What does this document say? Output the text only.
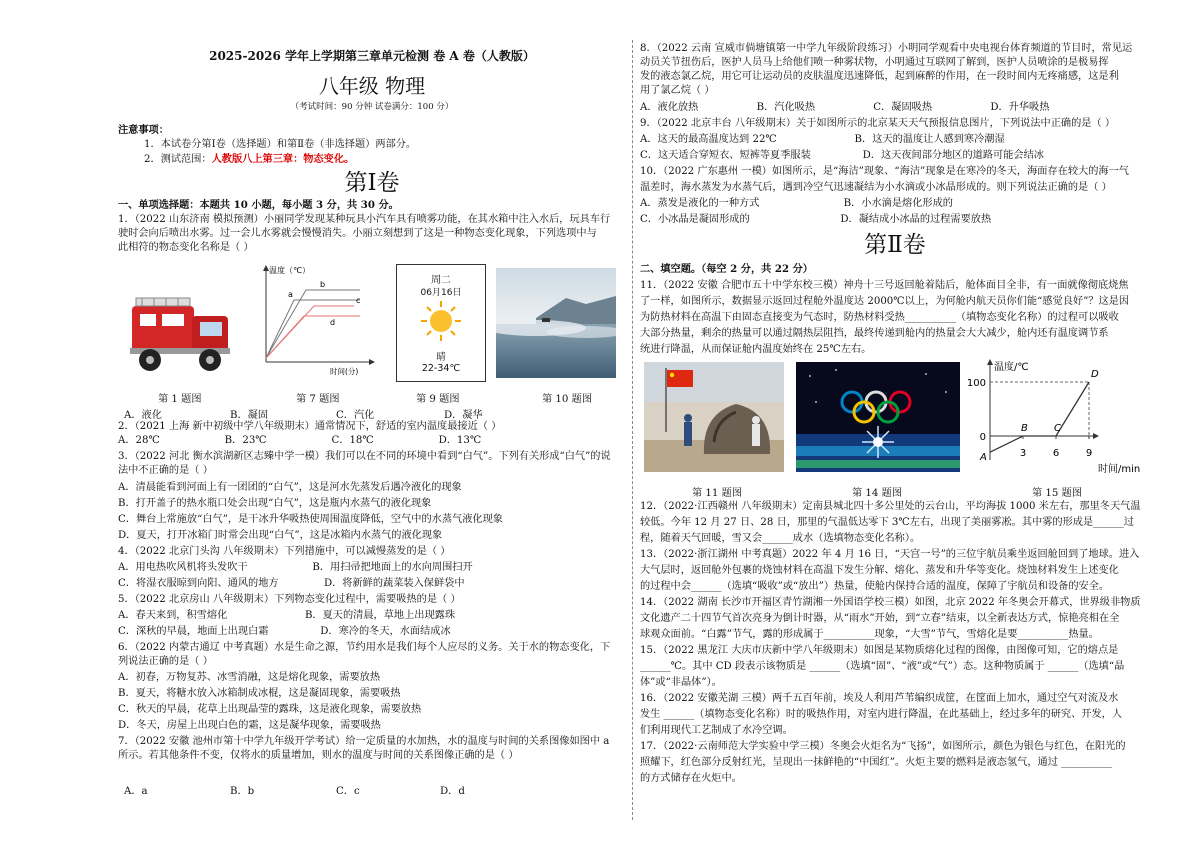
2025-2026 学年上学期第三章单元检测 卷 A 卷（人教版）
八年级 物理
（考试时间：90 分钟 试卷满分：100 分）
注意事项：
1．本试卷分第Ⅰ卷（选择题）和第Ⅱ卷（非选择题）两部分。
2．测试范围：人教版八上第三章：物态变化。
第Ⅰ卷
一、单项选择题：本题共 10 小题，每小题 3 分，共 30 分。
1．（2022 山东济南 模拟预测）小丽同学发现某种玩具小汽车具有喷雾功能，在其水箱中注入水后，玩具车行
驶时会向后喷出水雾。过一会儿水雾就会慢慢消失。小丽立刻想到了这是一种物态变化现象，下列选项中与
此相符的物态变化名称是（ ）
温度（℃）
时间(分)
a
b
c
d
周二
06月16日
晴
22-34℃
第 1 题图	第 7 题图	第 9 题图	第 10 题图
A．液化	B．凝固	C．汽化	D．凝华
2．（2021 上海 新中初级中学八年级期末）通常情况下，舒适的室内温度最接近（ ）
A．28℃                    B．23℃                    C．18℃                    D．13℃
3．（2022 河北 衡水滨湖新区志臻中学一模）我们可以在不同的环境中看到“白气”。下列有关形成“白气”的说
法中不正确的是（ ）
A．清晨能看到河面上有一团团的“白气”，这是河水先蒸发后遇冷液化的现象
B．打开盖子的热水瓶口处会出现“白气”，这是瓶内水蒸气的液化现象
C．舞台上常施放“白气”，是干冰升华吸热使周围温度降低，空气中的水蒸气液化现象
D．夏天，打开冰箱门时常会出现“白气”，这是冰箱内水蒸气的液化现象
4．（2022 北京门头沟 八年级期末）下列措施中，可以减慢蒸发的是（ ）
A．用电热吹风机将头发吹干                    B．用扫帚把地面上的水向周围扫开
C．将湿衣服晾到向阳、通风的地方              D．将新鲜的蔬菜装入保鲜袋中
5．（2022 北京房山 八年级期末）下列物态变化过程中，需要吸热的是（ ）
A．春天来到，积雪熔化                        B．夏天的清晨，草地上出现露珠
C．深秋的早晨，地面上出现白霜                D．寒冷的冬天，水面结成冰
6．（2022 内蒙古通辽 中考真题）水是生命之源，节约用水是我们每个人应尽的义务。关于水的物态变化，下
列说法正确的是（ ）
A．初春，万物复苏、冰雪消融，这是熔化现象，需要放热
B．夏天，将糖水放入冰箱制成冰棍，这是凝固现象，需要吸热
C．秋天的早晨，花草上出现晶莹的露珠，这是液化现象，需要放热
D．冬天，房屋上出现白色的霜，这是凝华现象，需要吸热
7．（2022 安徽 池州市第十中学九年级开学考试）给一定质量的水加热，水的温度与时间的关系图像如图中 a
所示。若其他条件不变，仅将水的质量增加，则水的温度与时间的关系图像正确的是（ ）
A．a	B．b	C．c	D．d
8．（2022 云南 宣威市倘塘镇第一中学九年级阶段练习）小明同学观看中央电视台体育频道的节目时，常见运
动员关节扭伤后，医护人员马上给他们喷一种雾状物，小明通过互联网了解到，医护人员喷涂的是极易挥
发的液态氯乙烷，用它可让运动员的皮肤温度迅速降低，起到麻醉的作用，在一段时间内无疼痛感，这是利
用了氯乙烷（ ）
A．液化放热                  B．汽化吸热                  C．凝固吸热                  D．升华吸热
9．（2022 北京丰台 八年级期末）关于如图所示的北京某天天气预报信息图片，下列说法中正确的是（ ）
A．这天的最高温度达到 22℃                        B．这天的温度让人感到寒冷潮湿
C．这天适合穿短衣、短裤等夏季服装                D．这天夜间部分地区的道路可能会结冰
10．（2022 广东惠州 一模）如图所示，是“海洁”现象、“海洁”现象是在寒冷的冬天，海面存在较大的海一气
温差时，海水蒸发为水蒸气后，遇到冷空气迅速凝结为小水滴或小冰晶形成的。则下列说法正确的是（ ）
A．蒸发是液化的一种方式                          B．小水滴是熔化形成的
C．小冰晶是凝固形成的                            D．凝结成小冰晶的过程需要放热
第Ⅱ卷
二、填空题。（每空 2 分，共 22 分）
11．（2022 安徽 合肥市五十中学东校三模）神舟十三号返回舱着陆后，舱体面目全非，有一面就像彻底烧焦
了一样，如图所示，数据显示返回过程舱外温度达 2000℃以上，为何舱内航天员你们能“感觉良好”？这是因
为防热材料在高温下由固态直接变为气态时，防热材料受热__________（填物态变化名称）的过程可以吸收
大部分热量，剩余的热量可以通过隔热层阻挡，最终传递到舱内的热量会大大减少，舱内还有温度调节系
统进行降温，从而保证舱内温度始终在 25℃左右。
温度/℃
时间/min
100
0
3	6	9
A
B	C
D
第 11 题图	第 14 题图	第 15 题图
12．（2022·江西赣州 八年级期末）定南县城北四十多公里处的云台山，平均海拔 1000 米左右，那里冬天气温
较低。今年 12 月 27 日、28 日，那里的气温低达零下 3℃左右，出现了美丽雾凇。其中雾的形成是______过
程，随着天气回暖，雪又会______成水（选填物态变化名称）。
13．（2022·浙江湖州 中考真题）2022 年 4 月 16 日，“天宫一号”的三位宇航员乘坐返回舱回到了地球。进入
大气层时，返回舱外包裹的烧蚀材料在高温下发生分解、熔化、蒸发和升华等变化。烧蚀材料发生上述变化
的过程中会______（选填“吸收”或“放出”）热量，使舱内保持合适的温度，保障了宇航员和设备的安全。
14．（2022 湖南 长沙市开福区青竹湖湘一外国语学校三模）如图，北京 2022 年冬奥会开幕式，世界级非物质
文化遗产二十四节气首次亮身为倒计时器，从“雨水”开始，到“立春”结束，以全新表达方式，惊艳亮相在全
球观众面前。“白露”节气，露的形成属于__________现象，“大雪”节气，雪熔化是要__________热量。
15．（2022 黑龙江 大庆市庆新中学八年级期末）如图是某物质熔化过程的图像，由图像可知，它的熔点是
______℃。其中 CD 段表示该物质是 ______（选填“固”、“液”或“气”）态。这种物质属于 ______（选填“晶
体”或“非晶体”）。
16．（2022 安徽芜湖 三模）两千五百年前，埃及人利用芦苇编织成筐，在筐面上加水，通过空气对流及水
发生 ______（填物态变化名称）时的吸热作用，对室内进行降温，在此基础上，经过多年的研究、开发，人
们利用现代工艺制成了水冷空调。
17．（2022·云南师范大学实验中学三模）冬奥会火炬名为“飞扬”，如图所示，颜色为银色与红色，在阳光的
照耀下，红色部分反射红光，呈现出一抹鲜艳的“中国红”。火炬主要的燃料是液态氢气，通过 __________
的方式储存在火炬中。
